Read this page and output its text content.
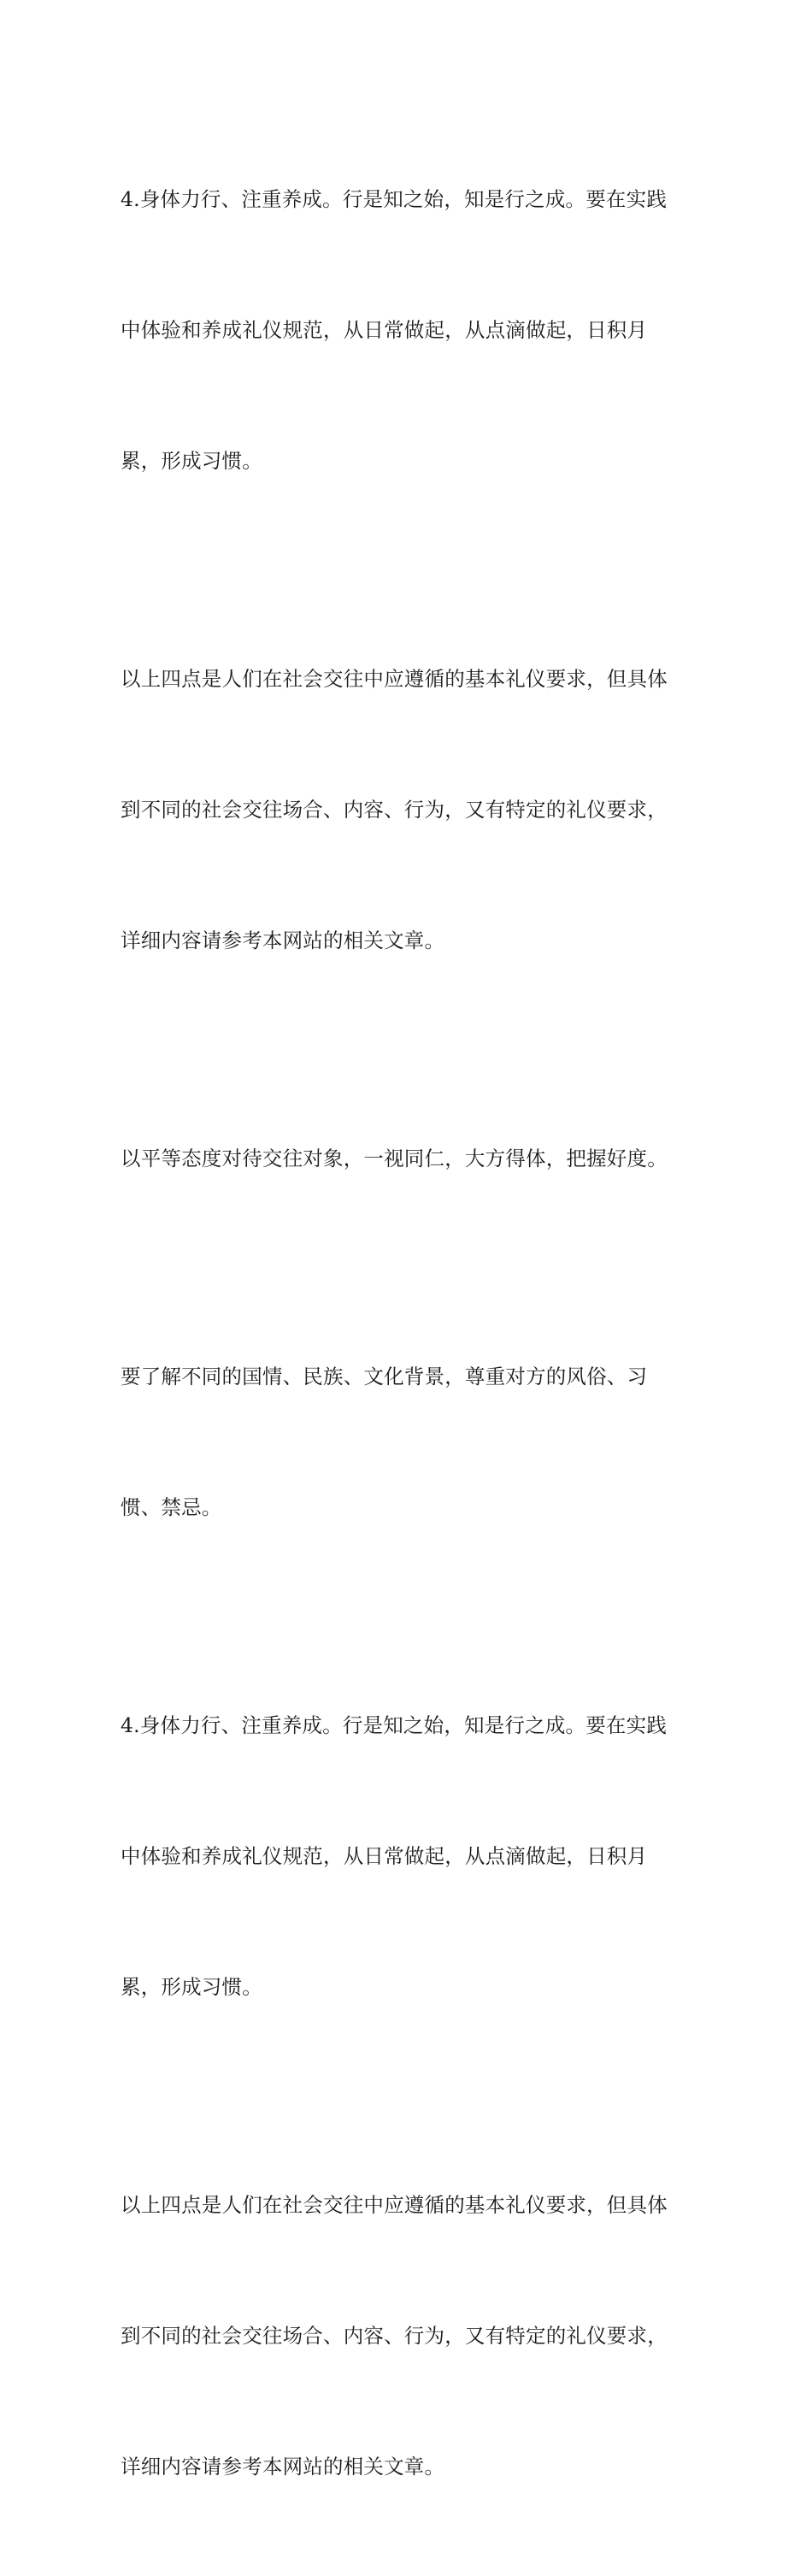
4.身体力行、注重养成。行是知之始，知是行之成。要在实践

中体验和养成礼仪规范，从日常做起，从点滴做起，日积月

累，形成习惯。

以上四点是人们在社会交往中应遵循的基本礼仪要求，但具体

到不同的社会交往场合、内容、行为，又有特定的礼仪要求，

详细内容请参考本网站的相关文章。

以平等态度对待交往对象，一视同仁，大方得体，把握好度。

要了解不同的国情、民族、文化背景，尊重对方的风俗、习

惯、禁忌。

4.身体力行、注重养成。行是知之始，知是行之成。要在实践

中体验和养成礼仪规范，从日常做起，从点滴做起，日积月

累，形成习惯。

以上四点是人们在社会交往中应遵循的基本礼仪要求，但具体

到不同的社会交往场合、内容、行为，又有特定的礼仪要求，

详细内容请参考本网站的相关文章。
